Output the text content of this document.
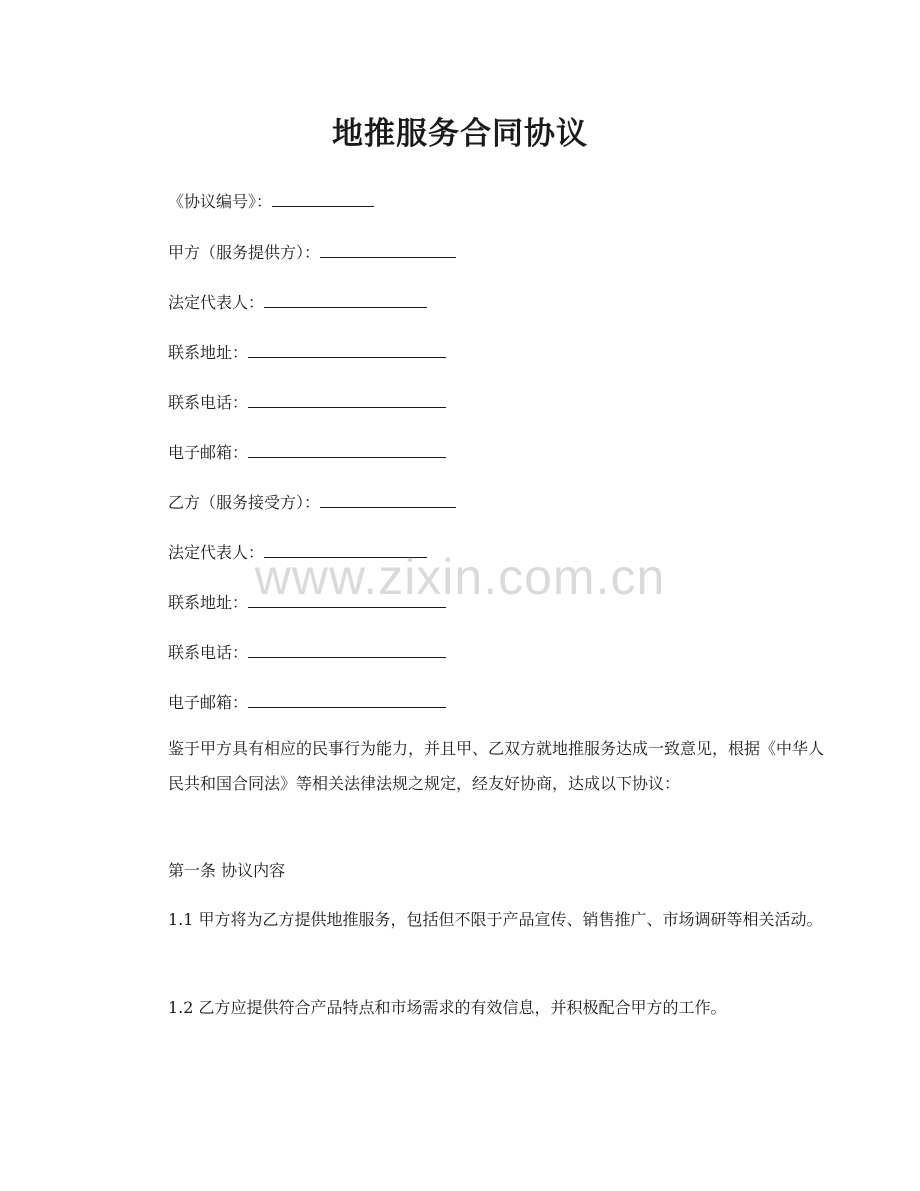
地推服务合同协议
《协议编号》：
甲方（服务提供方）：
法定代表人：
联系地址：
联系电话：
电子邮箱：
乙方（服务接受方）：
法定代表人：
联系地址：
联系电话：
电子邮箱：
鉴于甲方具有相应的民事行为能力，并且甲、乙双方就地推服务达成一致意见，根据《中华人民共和国合同法》等相关法律法规之规定，经友好协商，达成以下协议：
第一条 协议内容
1.1 甲方将为乙方提供地推服务，包括但不限于产品宣传、销售推广、市场调研等相关活动。
1.2 乙方应提供符合产品特点和市场需求的有效信息，并积极配合甲方的工作。
www.zixin.com.cn
